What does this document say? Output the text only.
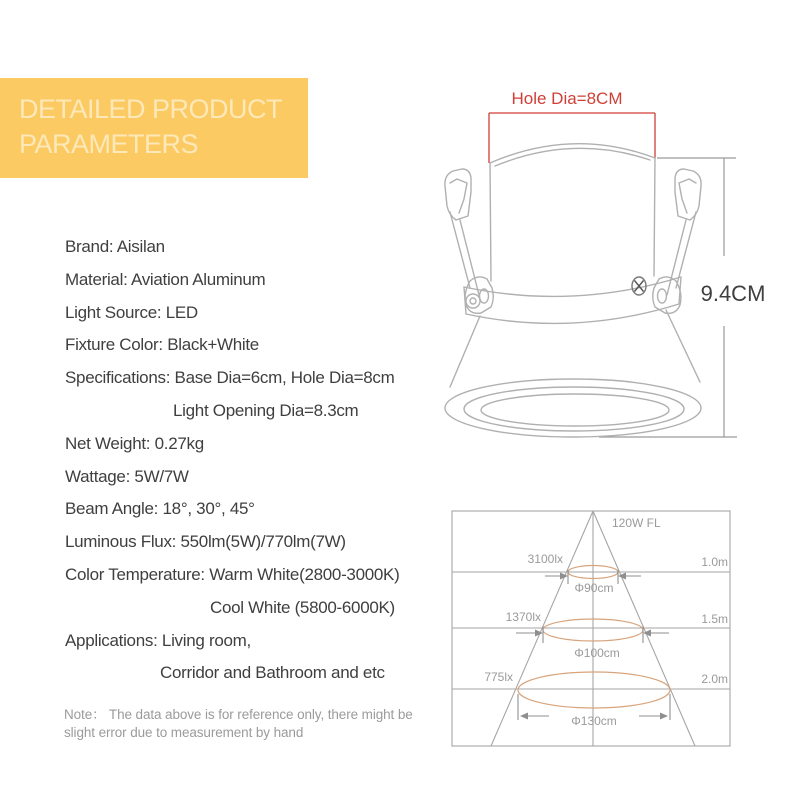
DETAILED PRODUCT
PARAMETERS
Brand: Aisilan
Material: Aviation Aluminum
Light Source: LED
Fixture Color: Black+White
Specifications: Base Dia=6cm, Hole Dia=8cm
Light Opening Dia=8.3cm
Net Weight: 0.27kg
Wattage: 5W/7W
Beam Angle: 18°, 30°, 45°
Luminous Flux: 550lm(5W)/770lm(7W)
Color Temperature: Warm White(2800-3000K)
Cool White (5800-6000K)
Applications: Living room,
Corridor and Bathroom and etc
Note： The data above is for reference only, there might be slight error due to measurement by hand
Hole Dia=8CM
9.4CM
120W FL
3100lx	1.0m
Φ90cm
1370lx	1.5m
Φ100cm
775lx	2.0m
Φ130cm
